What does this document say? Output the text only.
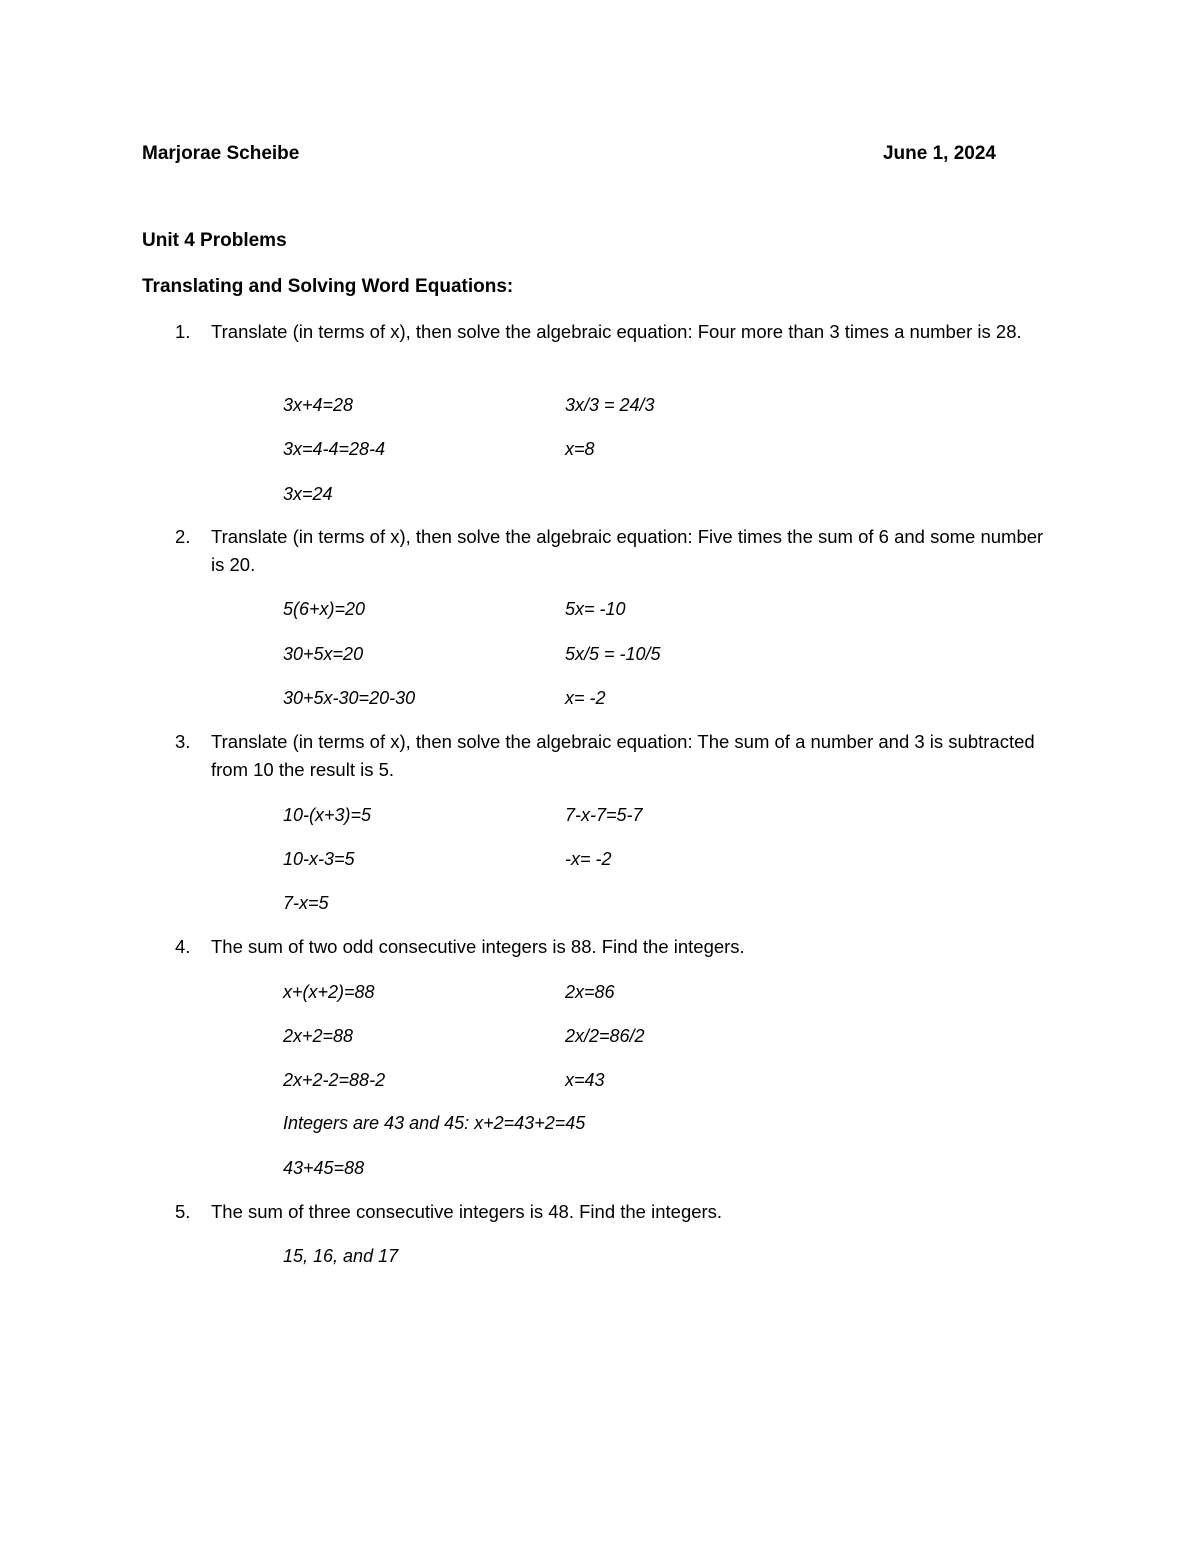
Marjorae Scheibe	June 1, 2024
Unit 4 Problems
Translating and Solving Word Equations:
1. Translate (in terms of x), then solve the algebraic equation: Four more than 3 times a number is 28.
3x+4=28
3x=4-4=28-4
3x=24
3x/3 = 24/3
x=8
2. Translate (in terms of x), then solve the algebraic equation: Five times the sum of 6 and some number is 20.
5(6+x)=20
30+5x=20
30+5x-30=20-30
5x= -10
5x/5 = -10/5
x= -2
3. Translate (in terms of x), then solve the algebraic equation: The sum of a number and 3 is subtracted from 10 the result is 5.
10-(x+3)=5
10-x-3=5
7-x=5
7-x-7=5-7
-x= -2
4. The sum of two odd consecutive integers is 88. Find the integers.
x+(x+2)=88
2x+2=88
2x+2-2=88-2
Integers are 43 and 45: x+2=43+2=45
43+45=88
2x=86
2x/2=86/2
x=43
5. The sum of three consecutive integers is 48. Find the integers.
15, 16, and 17
